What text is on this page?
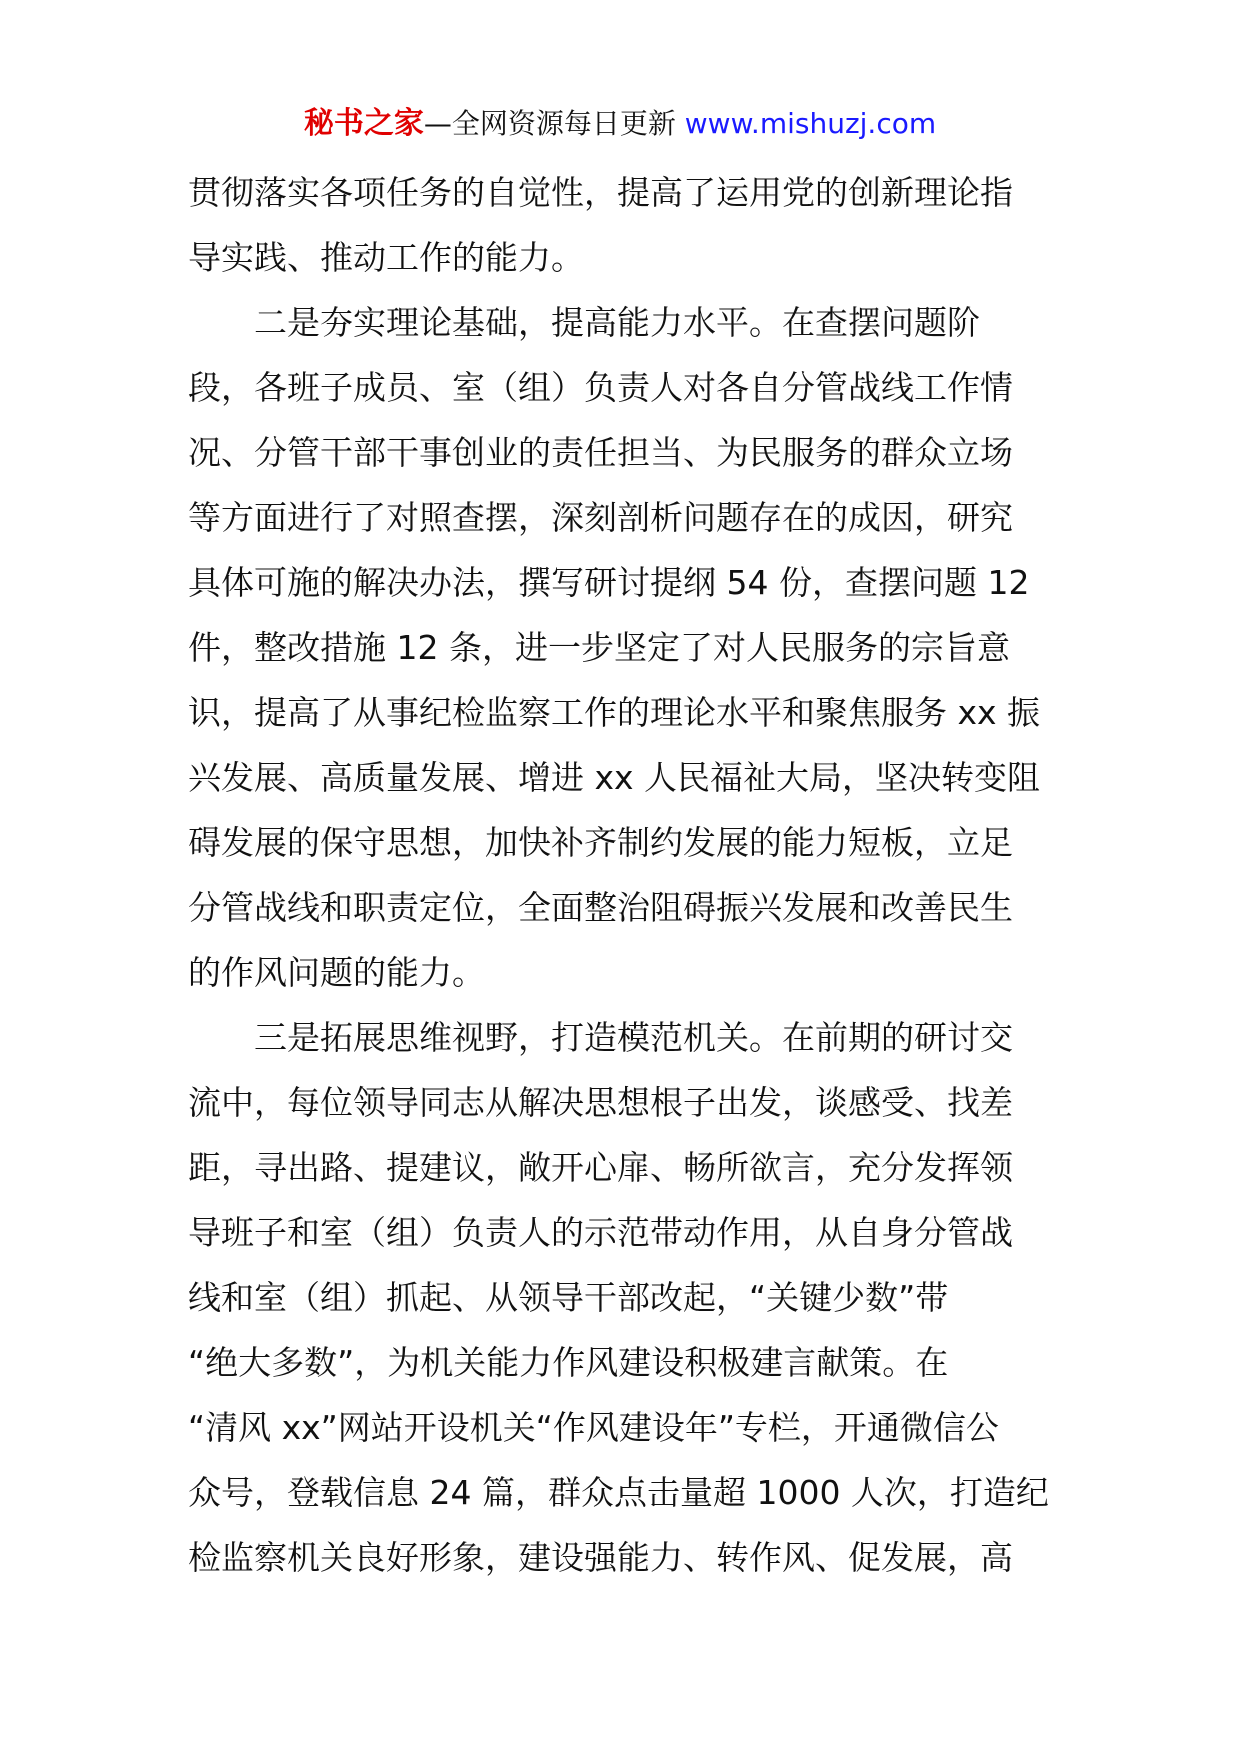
秘书之家—全网资源每日更新 www.mishuzj.com
贯彻落实各项任务的自觉性，提高了运用党的创新理论指
导实践、推动工作的能力。
　　二是夯实理论基础，提高能力水平。在查摆问题阶
段，各班子成员、室（组）负责人对各自分管战线工作情
况、分管干部干事创业的责任担当、为民服务的群众立场
等方面进行了对照查摆，深刻剖析问题存在的成因，研究
具体可施的解决办法，撰写研讨提纲 54 份，查摆问题 12
件，整改措施 12 条，进一步坚定了对人民服务的宗旨意
识，提高了从事纪检监察工作的理论水平和聚焦服务 xx 振
兴发展、高质量发展、增进 xx 人民福祉大局，坚决转变阻
碍发展的保守思想，加快补齐制约发展的能力短板，立足
分管战线和职责定位，全面整治阻碍振兴发展和改善民生
的作风问题的能力。
　　三是拓展思维视野，打造模范机关。在前期的研讨交
流中，每位领导同志从解决思想根子出发，谈感受、找差
距，寻出路、提建议，敞开心扉、畅所欲言，充分发挥领
导班子和室（组）负责人的示范带动作用，从自身分管战
线和室（组）抓起、从领导干部改起，“关键少数”带
“绝大多数”，为机关能力作风建设积极建言献策。在
“清风 xx”网站开设机关“作风建设年”专栏，开通微信公
众号，登载信息 24 篇，群众点击量超 1000 人次，打造纪
检监察机关良好形象，建设强能力、转作风、促发展，高
